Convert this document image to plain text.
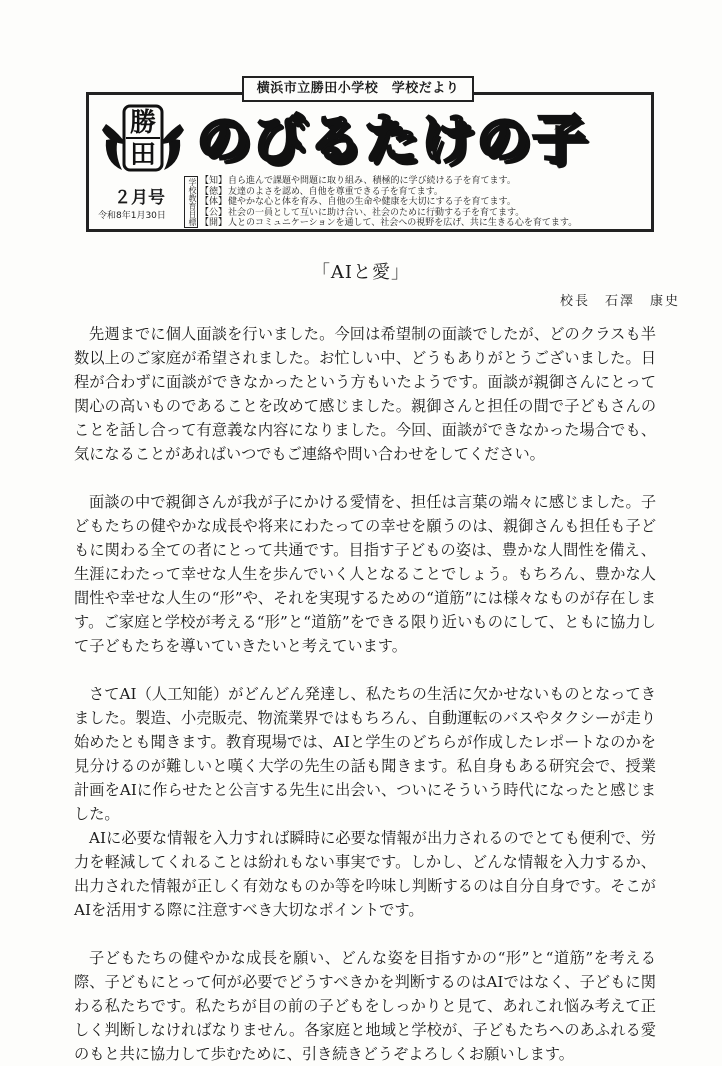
横浜市立勝田小学校　学校だより
勝
田 のびるたけの子
２月号
令和8年1月30日	学校教育目標 【知】 自ら進んで課題や問題に取り組み、積極的に学び続ける子を育てます。
【徳】 友達のよさを認め、自他を尊重できる子を育てます。
【体】 健やかな心と体を育み、自他の生命や健康を大切にする子を育てます。
【公】 社会の一員として互いに助け合い、社会のために行動する子を育てます。
【開】 人とのコミュニケーションを通して、社会への視野を広げ、共に生きる心を育てます。
「AIと愛」
校長　石澤　康史

先週までに個人面談を行いました。今回は希望制の面談でしたが、どのクラスも半数以上のご家庭が希望されました。お忙しい中、どうもありがとうございました。日程が合わずに面談ができなかったという方もいたようです。面談が親御さんにとって関心の高いものであることを改めて感じました。親御さんと担任の間で子どもさんのことを話し合って有意義な内容になりました。今回、面談ができなかった場合でも、気になることがあればいつでもご連絡や問い合わせをしてください。

面談の中で親御さんが我が子にかける愛情を、担任は言葉の端々に感じました。子どもたちの健やかな成長や将来にわたっての幸せを願うのは、親御さんも担任も子どもに関わる全ての者にとって共通です。目指す子どもの姿は、豊かな人間性を備え、生涯にわたって幸せな人生を歩んでいく人となることでしょう。もちろん、豊かな人間性や幸せな人生の“形”や、それを実現するための“道筋”には様々なものが存在します。ご家庭と学校が考える“形”と“道筋”をできる限り近いものにして、ともに協力して子どもたちを導いていきたいと考えています。

さてAI（人工知能）がどんどん発達し、私たちの生活に欠かせないものとなってきました。製造、小売販売、物流業界ではもちろん、自動運転のバスやタクシーが走り始めたとも聞きます。教育現場では、AIと学生のどちらが作成したレポートなのかを見分けるのが難しいと嘆く大学の先生の話も聞きます。私自身もある研究会で、授業計画をAIに作らせたと公言する先生に出会い、ついにそういう時代になったと感じました。

AIに必要な情報を入力すれば瞬時に必要な情報が出力されるのでとても便利で、労力を軽減してくれることは紛れもない事実です。しかし、どんな情報を入力するか、出力された情報が正しく有効なものか等を吟味し判断するのは自分自身です。そこがAIを活用する際に注意すべき大切なポイントです。

子どもたちの健やかな成長を願い、どんな姿を目指すかの“形”と“道筋”を考える際、子どもにとって何が必要でどうすべきかを判断するのはAIではなく、子どもに関わる私たちです。私たちが目の前の子どもをしっかりと見て、あれこれ悩み考えて正しく判断しなければなりません。各家庭と地域と学校が、子どもたちへのあふれる愛のもと共に協力して歩むために、引き続きどうぞよろしくお願いします。
